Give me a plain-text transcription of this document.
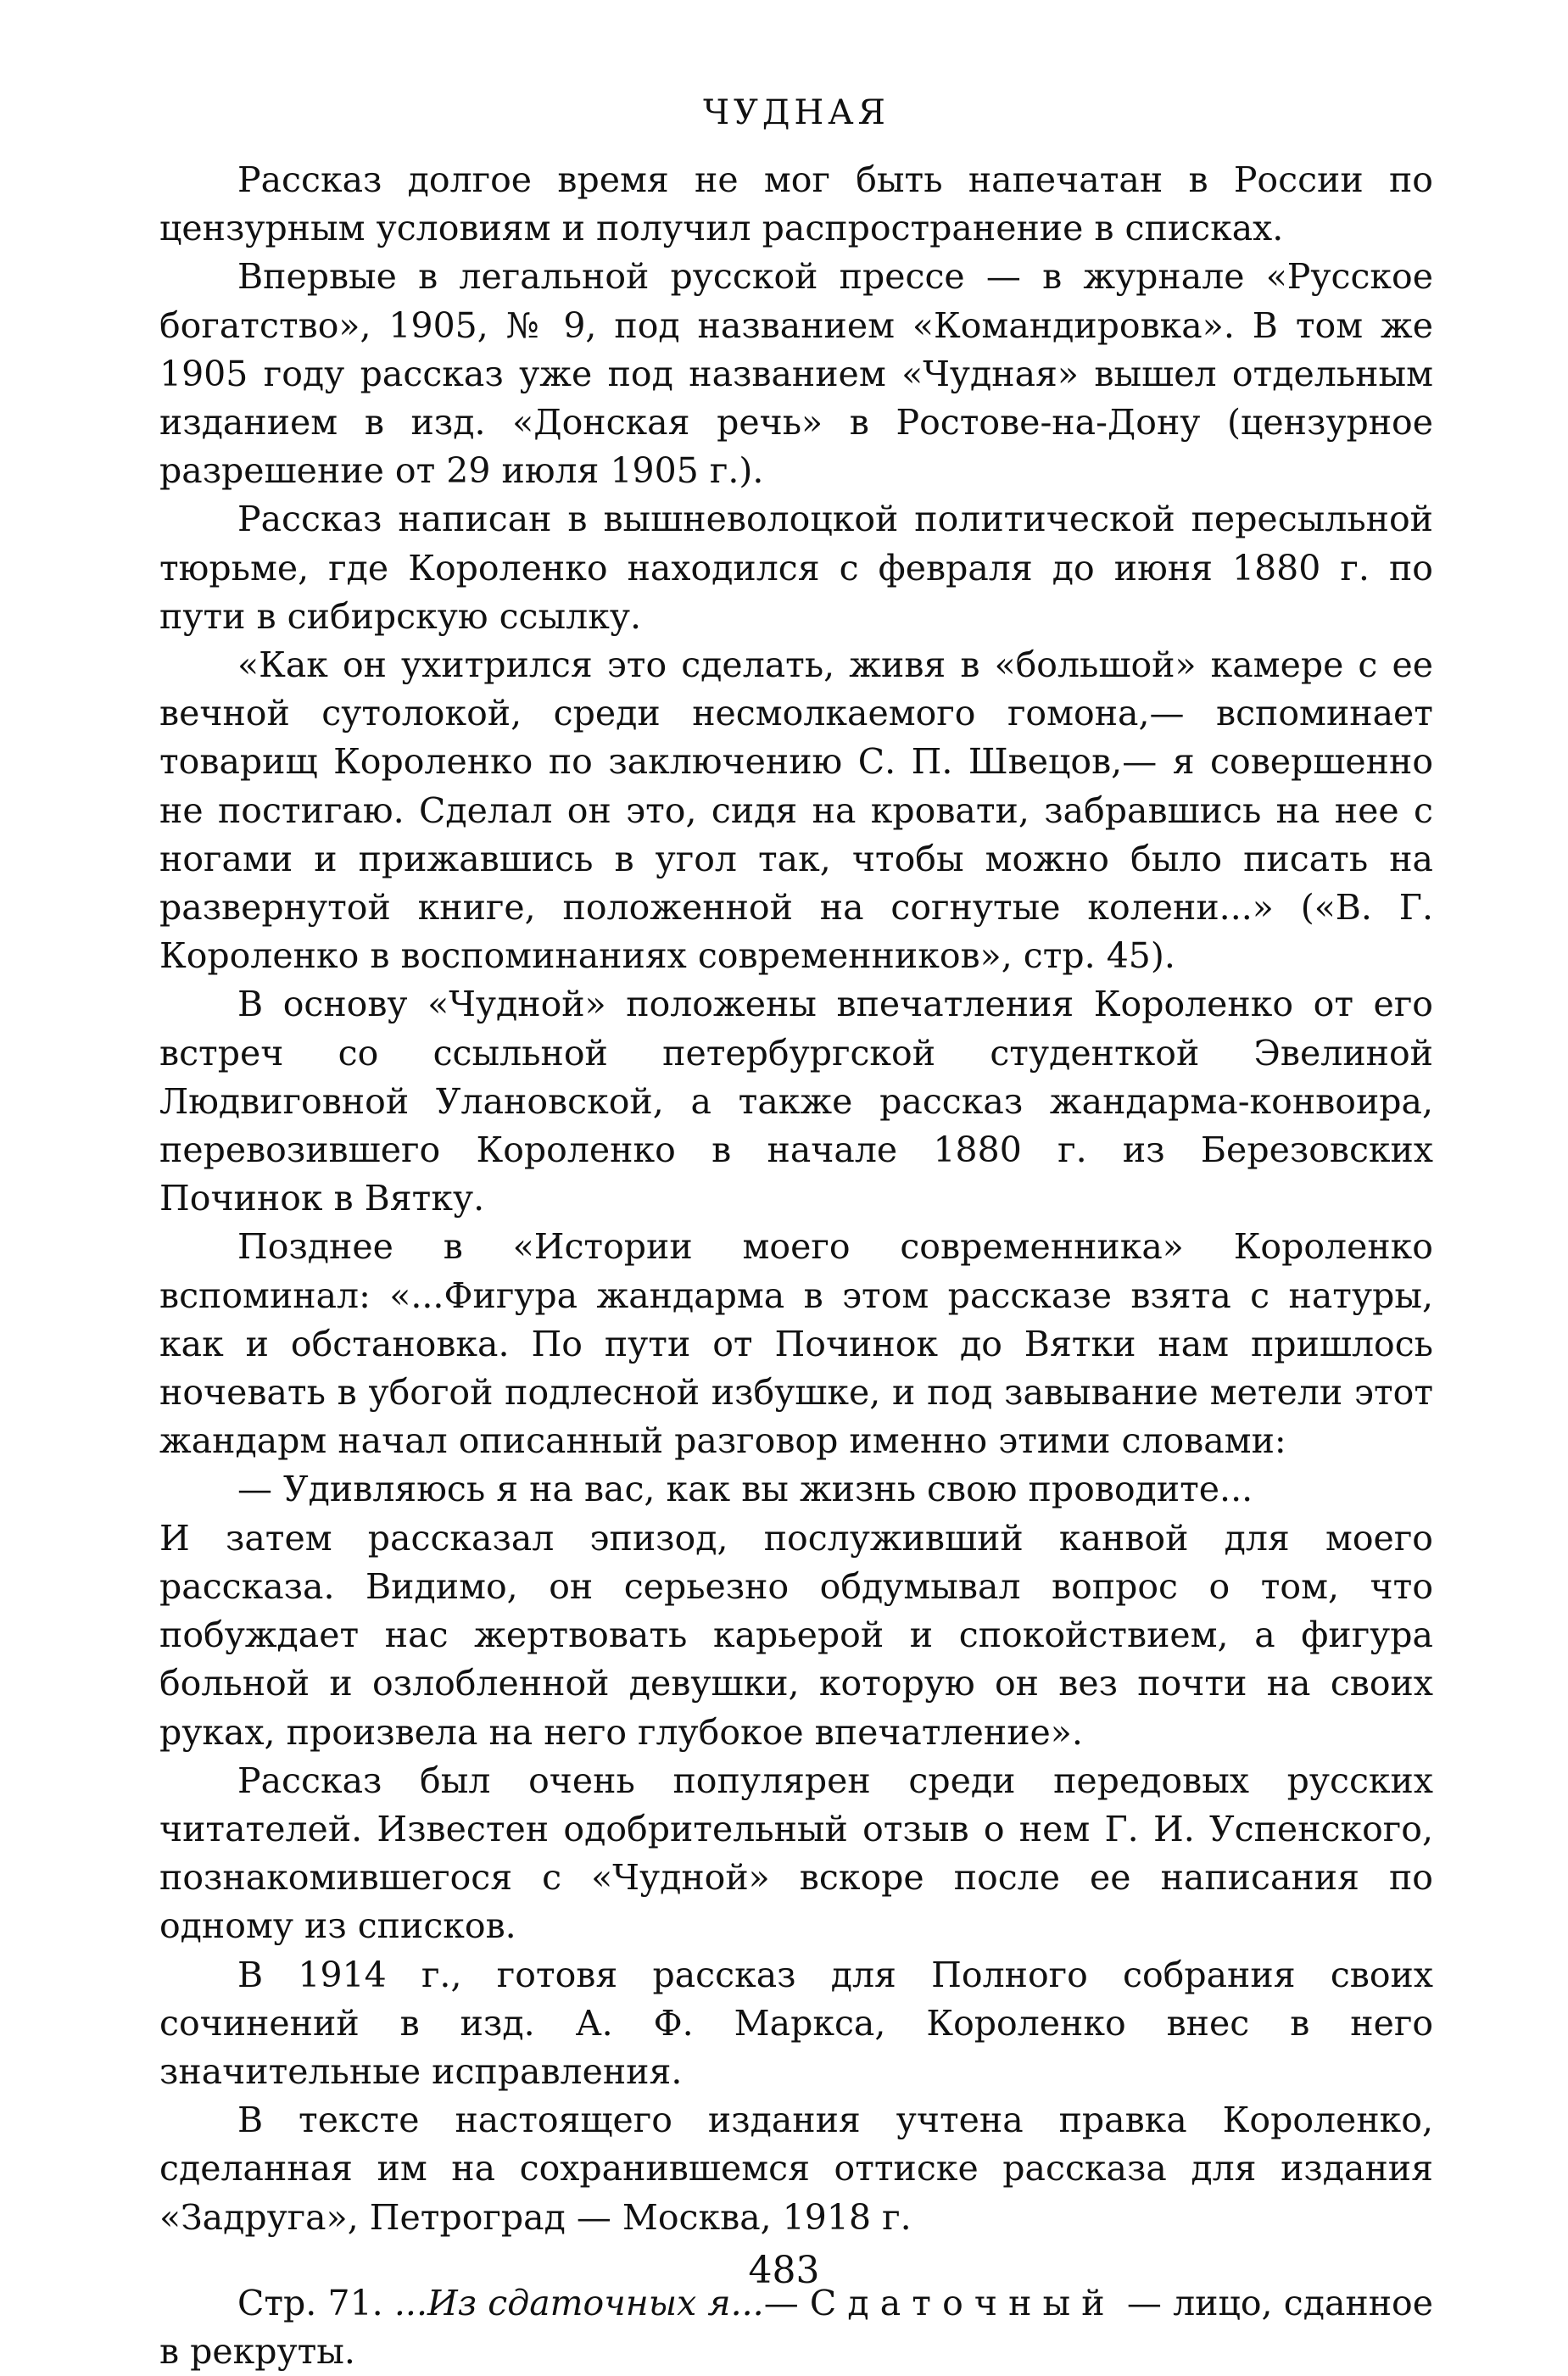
ЧУДНАЯ

Рассказ долгое время не мог быть напечатан в России по цензурным условиям и получил распространение в списках.

Впервые в легальной русской прессе — в журнале «Русское богатство», 1905, № 9, под названием «Командировка». В том же 1905 году рассказ уже под названием «Чудная» вышел отдельным изданием в изд. «Донская речь» в Ростове-на-Дону (цензурное разрешение от 29 июля 1905 г.).

Рассказ написан в вышневолоцкой политической пересыльной тюрьме, где Короленко находился с февраля до июня 1880 г. по пути в сибирскую ссылку.

«Как он ухитрился это сделать, живя в «большой» камере с ее вечной сутолокой, среди несмолкаемого гомона,— вспоминает товарищ Короленко по заключению С. П. Швецов,— я совершенно не постигаю. Сделал он это, сидя на кровати, забравшись на нее с ногами и прижавшись в угол так, чтобы можно было писать на развернутой книге, положенной на согнутые колени...» («В. Г. Короленко в воспоминаниях современников», стр. 45).

В основу «Чудной» положены впечатления Короленко от его встреч со ссыльной петербургской студенткой Эвелиной Людвиговной Улановской, а также рассказ жандарма-конвоира, перевозившего Короленко в начале 1880 г. из Березовских Починок в Вятку.

Позднее в «Истории моего современника» Короленко вспоминал: «...Фигура жандарма в этом рассказе взята с натуры, как и обстановка. По пути от Починок до Вятки нам пришлось ночевать в убогой подлесной избушке, и под завывание метели этот жандарм начал описанный разговор именно этими словами:

— Удивляюсь я на вас, как вы жизнь свою проводите...

И затем рассказал эпизод, послуживший канвой для моего рассказа. Видимо, он серьезно обдумывал вопрос о том, что побуждает нас жертвовать карьерой и спокойствием, а фигура больной и озлобленной девушки, которую он вез почти на своих руках, произвела на него глубокое впечатление».

Рассказ был очень популярен среди передовых русских читателей. Известен одобрительный отзыв о нем Г. И. Успенского, познакомившегося с «Чудной» вскоре после ее написания по одному из списков.

В 1914 г., готовя рассказ для Полного собрания своих сочинений в изд. А. Ф. Маркса, Короленко внес в него значительные исправления.

В тексте настоящего издания учтена правка Короленко, сделанная им на сохранившемся оттиске рассказа для издания «Задруга», Петроград — Москва, 1918 г.

Стр. 71. ...Из сдаточных я...— Сдаточный — лицо, сданное в рекруты.

483
